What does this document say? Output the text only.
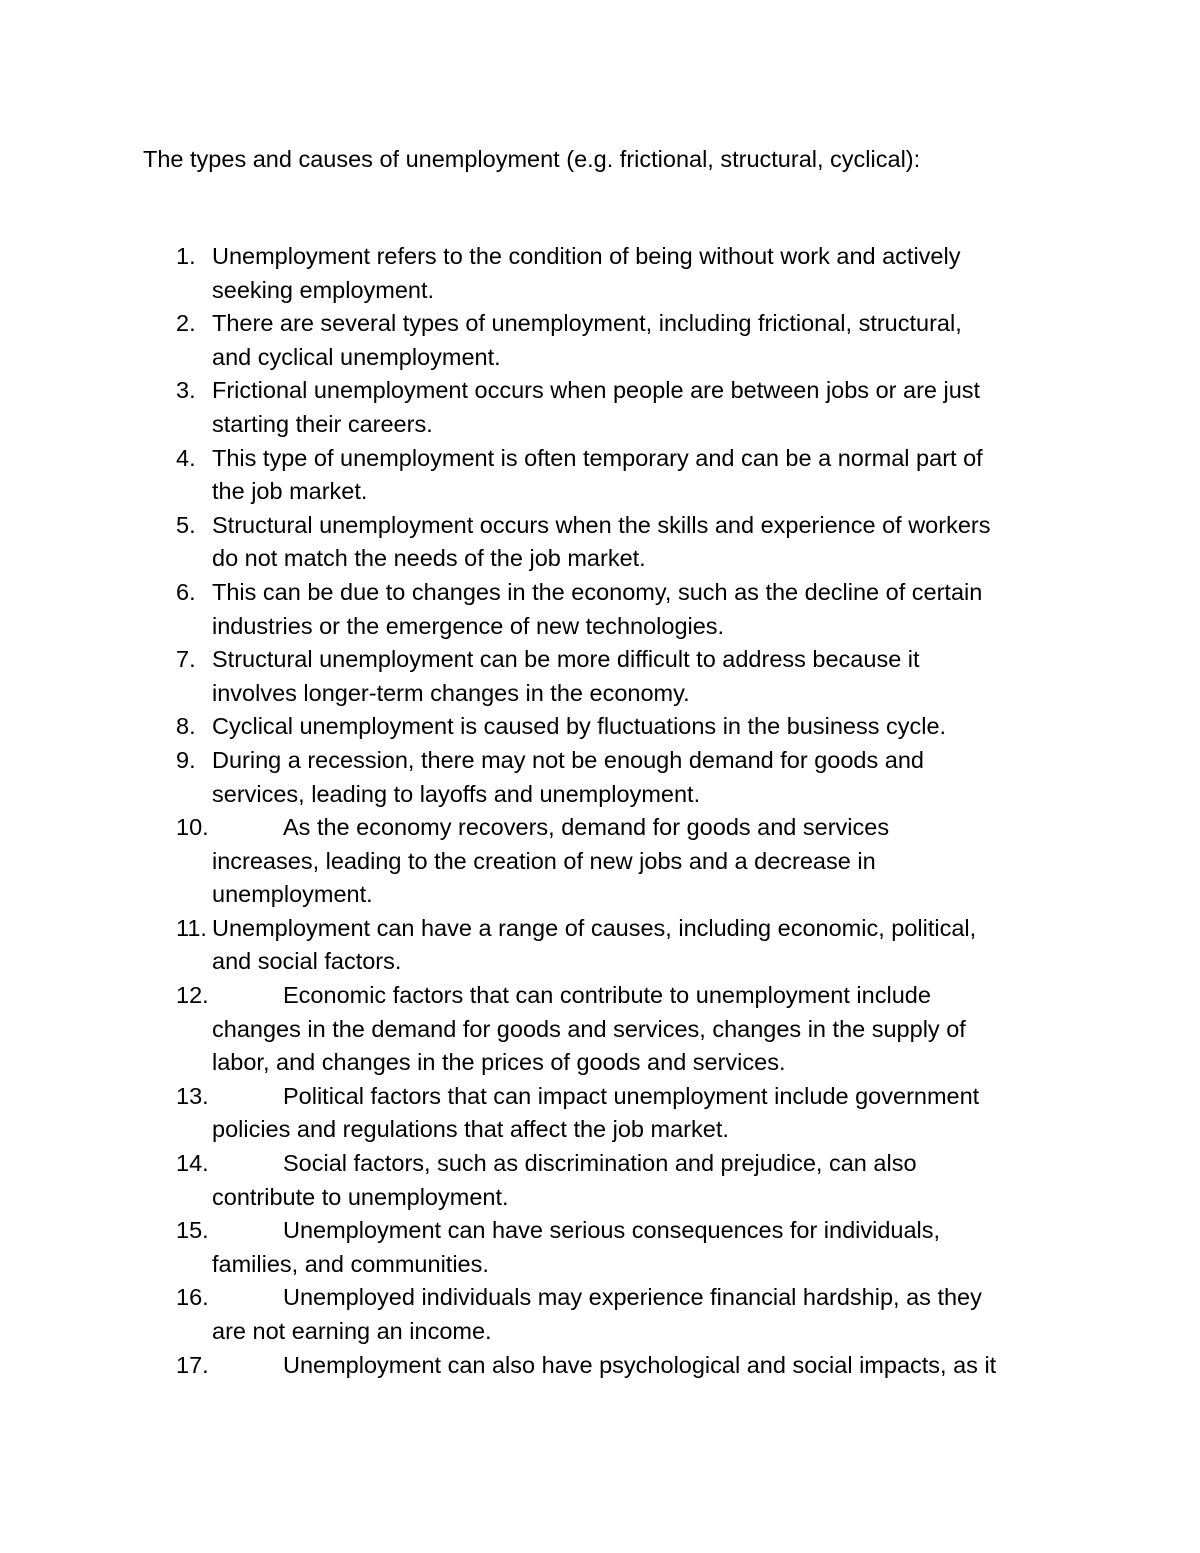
The types and causes of unemployment (e.g. frictional, structural, cyclical):
1. Unemployment refers to the condition of being without work and actively
seeking employment.
2. There are several types of unemployment, including frictional, structural,
and cyclical unemployment.
3. Frictional unemployment occurs when people are between jobs or are just
starting their careers.
4. This type of unemployment is often temporary and can be a normal part of
the job market.
5. Structural unemployment occurs when the skills and experience of workers
do not match the needs of the job market.
6. This can be due to changes in the economy, such as the decline of certain
industries or the emergence of new technologies.
7. Structural unemployment can be more difficult to address because it
involves longer-term changes in the economy.
8. Cyclical unemployment is caused by fluctuations in the business cycle.
9. During a recession, there may not be enough demand for goods and
services, leading to layoffs and unemployment.
10.	As the economy recovers, demand for goods and services
increases, leading to the creation of new jobs and a decrease in
unemployment.
11. Unemployment can have a range of causes, including economic, political,
and social factors.
12.	Economic factors that can contribute to unemployment include
changes in the demand for goods and services, changes in the supply of
labor, and changes in the prices of goods and services.
13.	Political factors that can impact unemployment include government
policies and regulations that affect the job market.
14.	Social factors, such as discrimination and prejudice, can also
contribute to unemployment.
15.	Unemployment can have serious consequences for individuals,
families, and communities.
16.	Unemployed individuals may experience financial hardship, as they
are not earning an income.
17.	Unemployment can also have psychological and social impacts, as it
